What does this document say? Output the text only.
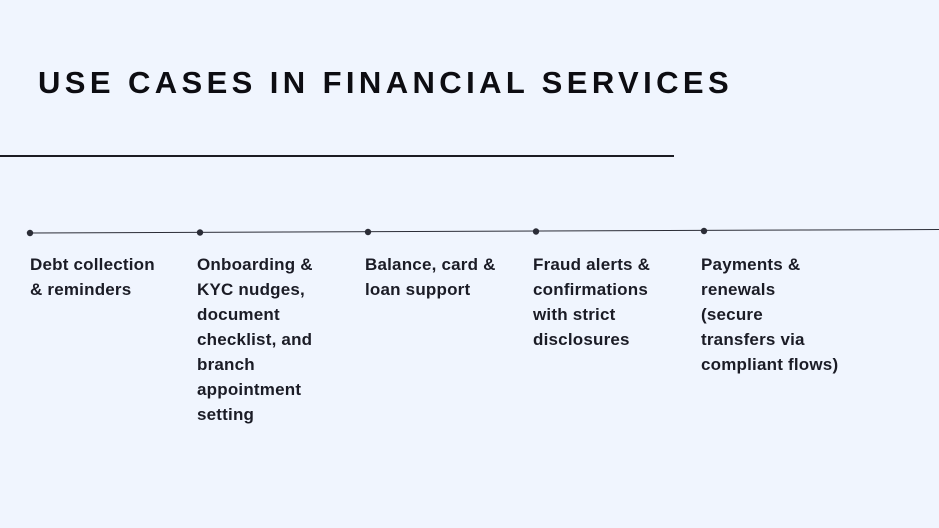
USE CASES IN FINANCIAL SERVICES

Debt collection & reminders

Onboarding & KYC nudges, document checklist, and branch appointment setting

Balance, card & loan support

Fraud alerts & confirmations with strict disclosures

Payments & renewals (secure transfers via compliant flows)
